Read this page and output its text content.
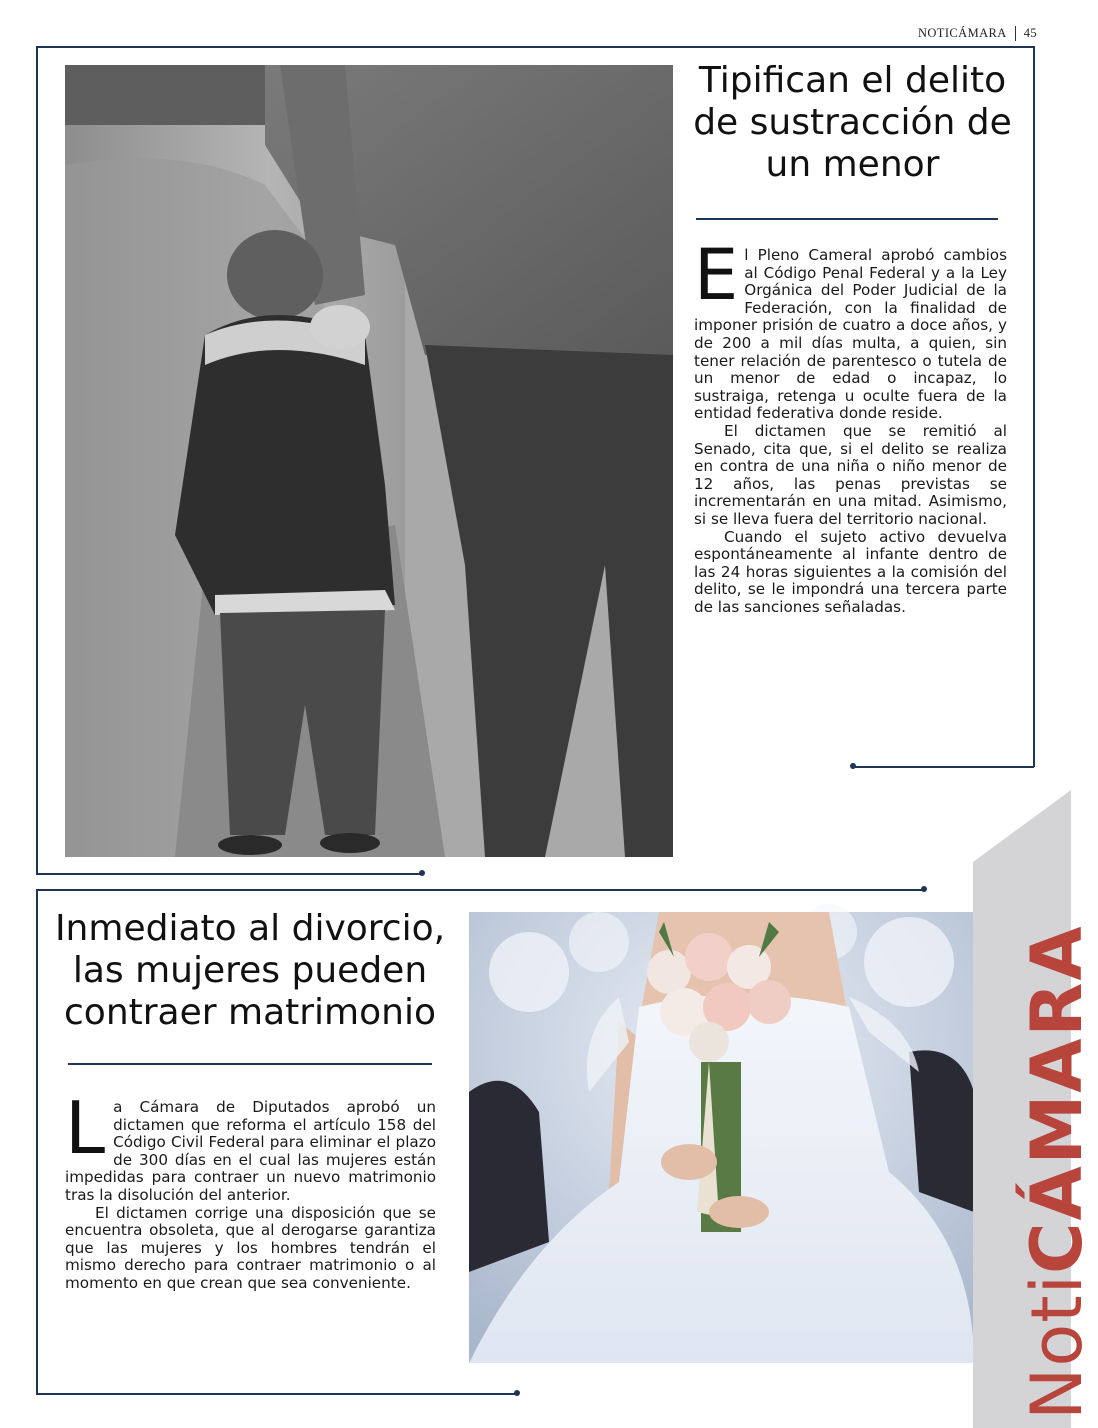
NOTICÁMARA 45
Tipifican el delito de sustracción de un menor

El Pleno Cameral aprobó cambios al Código Penal Federal y a la Ley Orgánica del Poder Judicial de la Federación, con la finalidad de imponer prisión de cuatro a doce años, y de 200 a mil días multa, a quien, sin tener relación de parentesco o tutela de un menor de edad o incapaz, lo sustraiga, retenga u oculte fuera de la entidad federativa donde reside.

El dictamen que se remitió al Senado, cita que, si el delito se realiza en contra de una niña o niño menor de 12 años, las penas previstas se incrementarán en una mitad. Asimismo, si se lleva fuera del territorio nacional.

Cuando el sujeto activo devuelva espontáneamente al infante dentro de las 24 horas siguientes a la comisión del delito, se le impondrá una tercera parte de las sanciones señaladas.

Inmediato al divorcio, las mujeres pueden contraer matrimonio

La Cámara de Diputados aprobó un dictamen que reforma el artículo 158 del Código Civil Federal para eliminar el plazo de 300 días en el cual las mujeres están impedidas para contraer un nuevo matrimonio tras la disolución del anterior.

El dictamen corrige una disposición que se encuentra obsoleta, que al derogarse garantiza que las mujeres y los hombres tendrán el mismo derecho para contraer matrimonio o al momento en que crean que sea conveniente.	NotiCÁMARA
